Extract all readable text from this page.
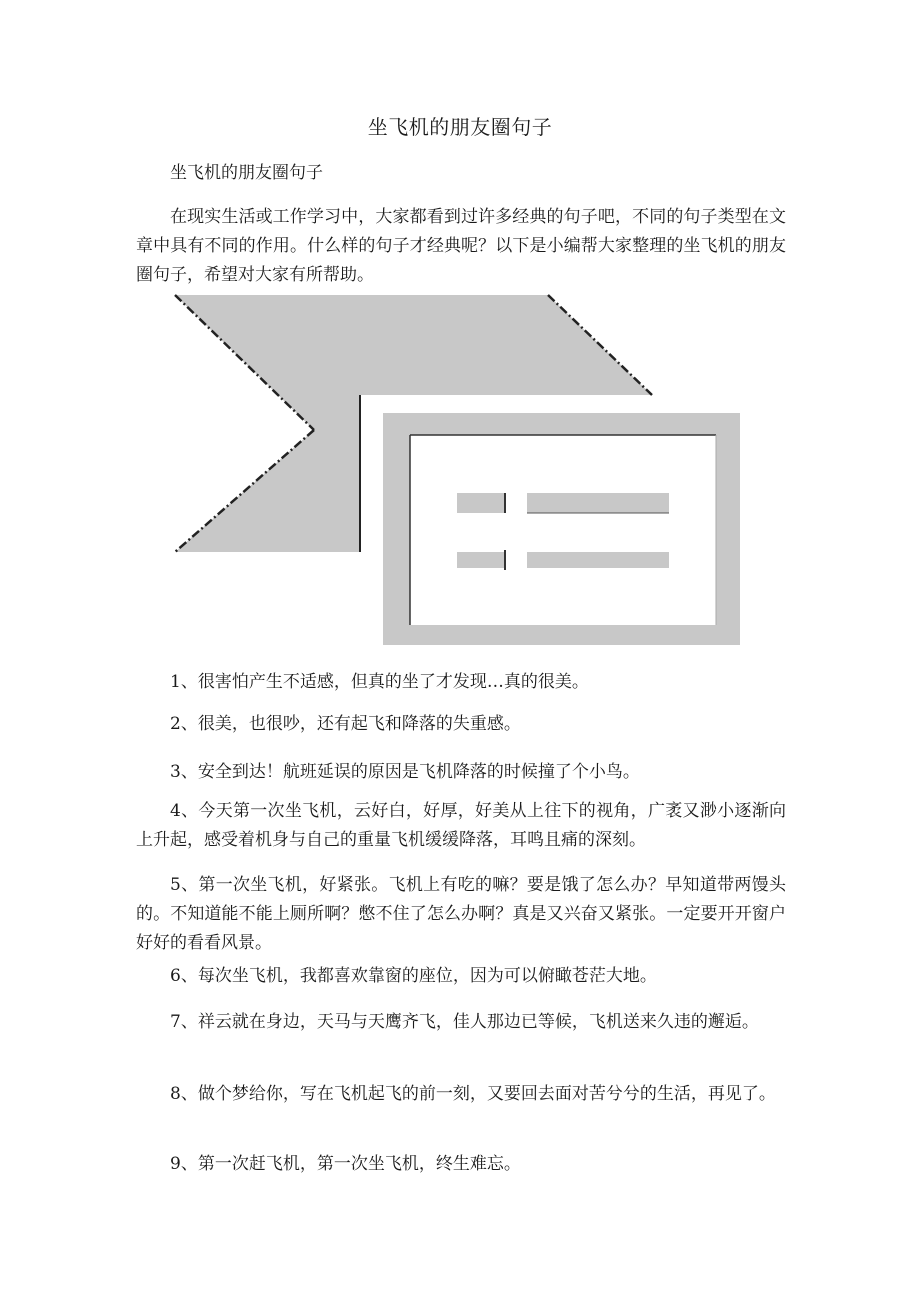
坐飞机的朋友圈句子
坐飞机的朋友圈句子

在现实生活或工作学习中，大家都看到过许多经典的句子吧，不同的句子类型在文章中具有不同的作用。什么样的句子才经典呢？以下是小编帮大家整理的坐飞机的朋友圈句子，希望对大家有所帮助。

1、很害怕产生不适感，但真的坐了才发现…真的很美。

2、很美，也很吵，还有起飞和降落的失重感。

3、安全到达！航班延误的原因是飞机降落的时候撞了个小鸟。

4、今天第一次坐飞机，云好白，好厚，好美从上往下的视角，广袤又渺小逐渐向上升起，感受着机身与自己的重量飞机缓缓降落，耳鸣且痛的深刻。

5、第一次坐飞机，好紧张。飞机上有吃的嘛？要是饿了怎么办？早知道带两馒头的。不知道能不能上厕所啊？憋不住了怎么办啊？真是又兴奋又紧张。一定要开开窗户好好的看看风景。

6、每次坐飞机，我都喜欢靠窗的座位，因为可以俯瞰苍茫大地。

7、祥云就在身边，天马与天鹰齐飞，佳人那边已等候，飞机送来久违的邂逅。

8、做个梦给你，写在飞机起飞的前一刻，又要回去面对苦兮兮的生活，再见了。

9、第一次赶飞机，第一次坐飞机，终生难忘。
